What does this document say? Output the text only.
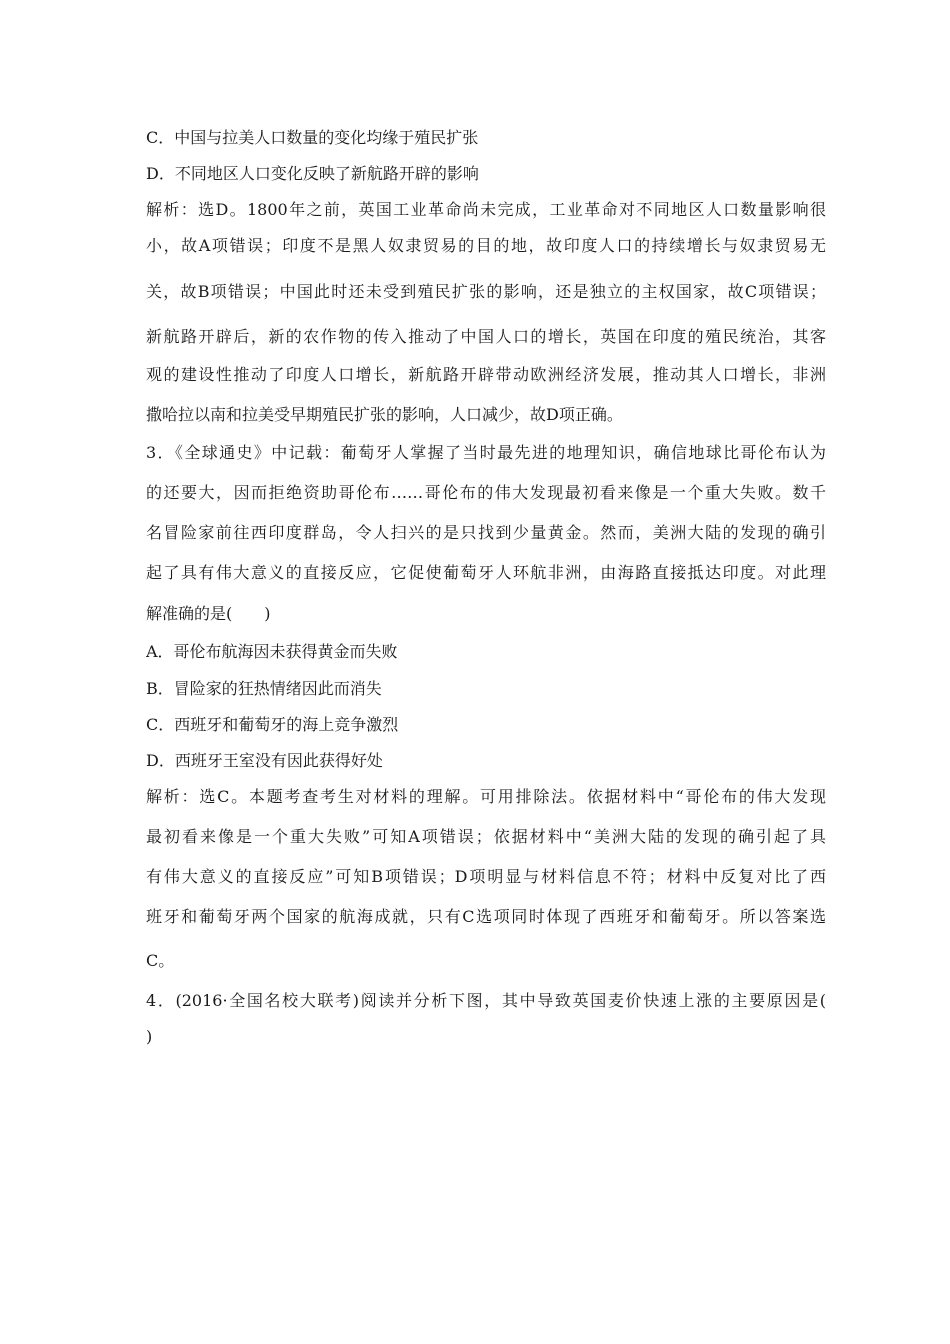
C．中国与拉美人口数量的变化均缘于殖民扩张
D．不同地区人口变化反映了新航路开辟的影响
解析：选D。1800年之前，英国工业革命尚未完成，工业革命对不同地区人口数量影响很
小，故A项错误；印度不是黑人奴隶贸易的目的地，故印度人口的持续增长与奴隶贸易无
关，故B项错误；中国此时还未受到殖民扩张的影响，还是独立的主权国家，故C项错误；
新航路开辟后，新的农作物的传入推动了中国人口的增长，英国在印度的殖民统治，其客
观的建设性推动了印度人口增长，新航路开辟带动欧洲经济发展，推动其人口增长，非洲
撒哈拉以南和拉美受早期殖民扩张的影响，人口减少，故D项正确。
3．《全球通史》中记载：葡萄牙人掌握了当时最先进的地理知识，确信地球比哥伦布认为
的还要大，因而拒绝资助哥伦布……哥伦布的伟大发现最初看来像是一个重大失败。数千
名冒险家前往西印度群岛，令人扫兴的是只找到少量黄金。然而，美洲大陆的发现的确引
起了具有伟大意义的直接反应，它促使葡萄牙人环航非洲，由海路直接抵达印度。对此理
解准确的是(　　)
A．哥伦布航海因未获得黄金而失败
B．冒险家的狂热情绪因此而消失
C．西班牙和葡萄牙的海上竞争激烈
D．西班牙王室没有因此获得好处
解析：选C。本题考查考生对材料的理解。可用排除法。依据材料中“哥伦布的伟大发现
最初看来像是一个重大失败”可知A项错误；依据材料中“美洲大陆的发现的确引起了具
有伟大意义的直接反应”可知B项错误；D项明显与材料信息不符；材料中反复对比了西
班牙和葡萄牙两个国家的航海成就，只有C选项同时体现了西班牙和葡萄牙。所以答案选
C。
4．(2016·全国名校大联考)阅读并分析下图，其中导致英国麦价快速上涨的主要原因是(
)
